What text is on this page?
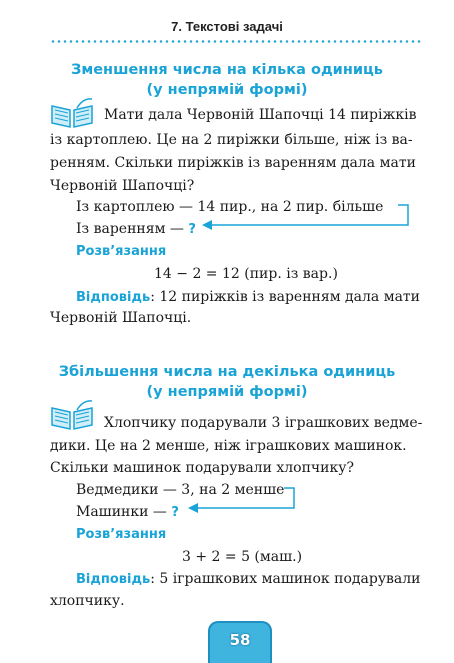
7. Текстові задачі
Зменшення числа на кілька одиниць
(у непрямій формі)
Мати дала Червоній Шапочці 14 пиріжків
із картоплею. Це на 2 пиріжки більше, ніж із ва-
ренням. Скільки пиріжків із варенням дала мати
Червоній Шапочці?
Із картоплею — 14 пир., на 2 пир. більше
Із варенням — ?
Розв’язання
14 − 2 = 12 (пир. із вар.)
Відповідь: 12 пиріжків із варенням дала мати
Червоній Шапочці.
Збільшення числа на декілька одиниць
(у непрямій формі)
Хлопчику подарували 3 іграшкових ведме-
дики. Це на 2 менше, ніж іграшкових машинок.
Скільки машинок подарували хлопчику?
Ведмедики — 3, на 2 менше
Машинки — ?
Розв’язання
3 + 2 = 5 (маш.)
Відповідь: 5 іграшкових машинок подарували
хлопчику.
58
